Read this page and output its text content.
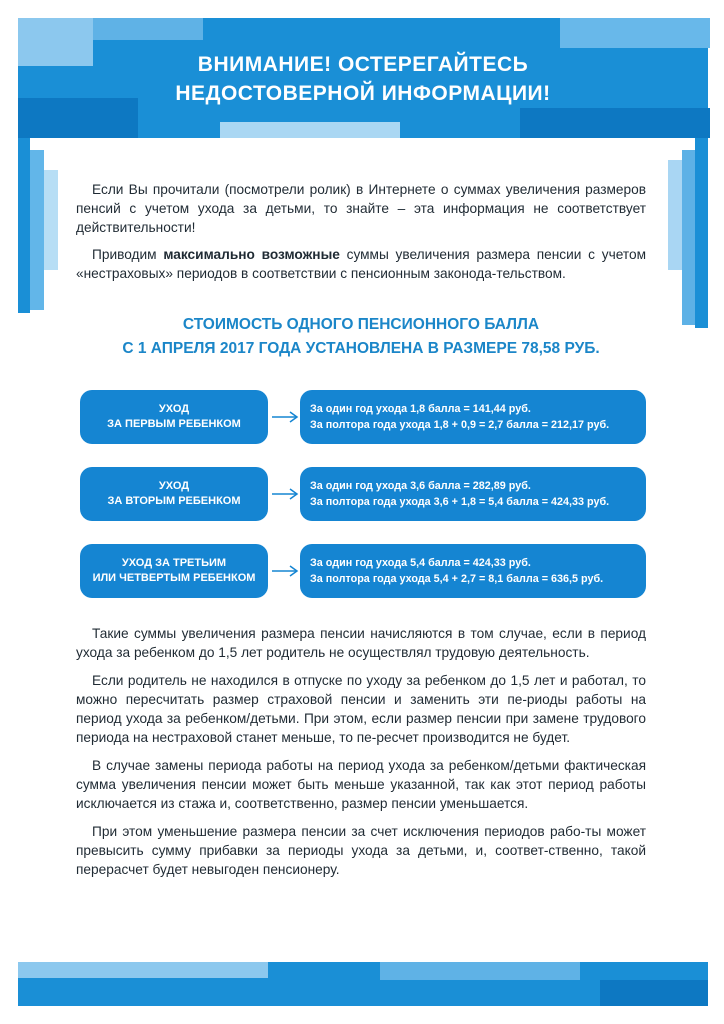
ВНИМАНИЕ! ОСТЕРЕГАЙТЕСЬ
НЕДОСТОВЕРНОЙ ИНФОРМАЦИИ!

Если Вы прочитали (посмотрели ролик) в Интернете о суммах увеличения размеров пенсий с учетом ухода за детьми, то знайте – эта информация не соответствует действительности!

Приводим максимально возможные суммы увеличения размера пенсии с учетом «нестраховых» периодов в соответствии с пенсионным законода-тельством.

СТОИМОСТЬ ОДНОГО ПЕНСИОННОГО БАЛЛА
С 1 АПРЕЛЯ 2017 ГОДА УСТАНОВЛЕНА В РАЗМЕРЕ 78,58 РУБ.
УХОД
ЗА ПЕРВЫМ РЕБЕНКОМ
За один год ухода 1,8 балла = 141,44 руб.
За полтора года ухода 1,8 + 0,9 = 2,7 балла = 212,17 руб.
УХОД
ЗА ВТОРЫМ РЕБЕНКОМ
За один год ухода 3,6 балла = 282,89 руб.
За полтора года ухода 3,6 + 1,8 = 5,4 балла = 424,33 руб.
УХОД ЗА ТРЕТЬИМ
ИЛИ ЧЕТВЕРТЫМ РЕБЕНКОМ
За один год ухода 5,4 балла = 424,33 руб.
За полтора года ухода 5,4 + 2,7 = 8,1 балла = 636,5 руб.

Такие суммы увеличения размера пенсии начисляются в том случае, если в период ухода за ребенком до 1,5 лет родитель не осуществлял трудовую деятельность.

Если родитель не находился в отпуске по уходу за ребенком до 1,5 лет и работал, то можно пересчитать размер страховой пенсии и заменить эти пе-риоды работы на период ухода за ребенком/детьми. При этом, если размер пенсии при замене трудового периода на нестраховой станет меньше, то пе-ресчет производится не будет.

В случае замены периода работы на период ухода за ребенком/детьми фактическая сумма увеличения пенсии может быть меньше указанной, так как этот период работы исключается из стажа и, соответственно, размер пенсии уменьшается.

При этом уменьшение размера пенсии за счет исключения периодов рабо-ты может превысить сумму прибавки за периоды ухода за детьми, и, соответ-ственно, такой перерасчет будет невыгоден пенсионеру.
